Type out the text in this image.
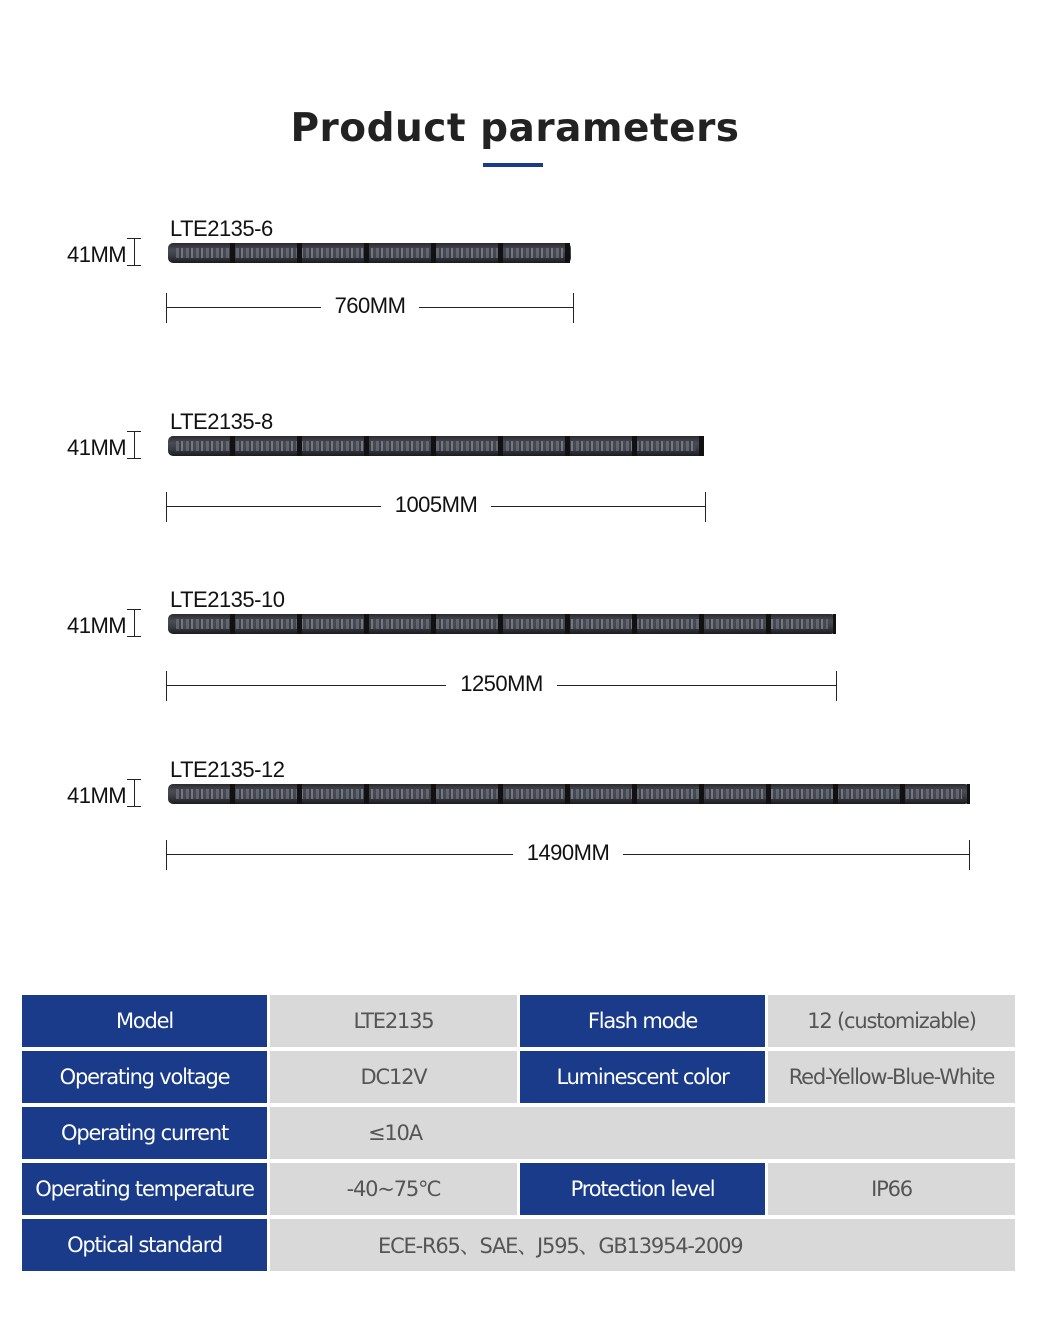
Product parameters
LTE2135-6
41MM
760MM
LTE2135-8
41MM
1005MM
LTE2135-10
41MM
1250MM
LTE2135-12
41MM
1490MM
Model	LTE2135	Flash mode	12 (customizable)
Operating voltage	DC12V	Luminescent color	Red-Yellow-Blue-White
Operating current	≤10A		
Operating temperature	-40~75℃	Protection level	IP66
Optical standard	ECE-R65、SAE、J595、GB13954-2009		
